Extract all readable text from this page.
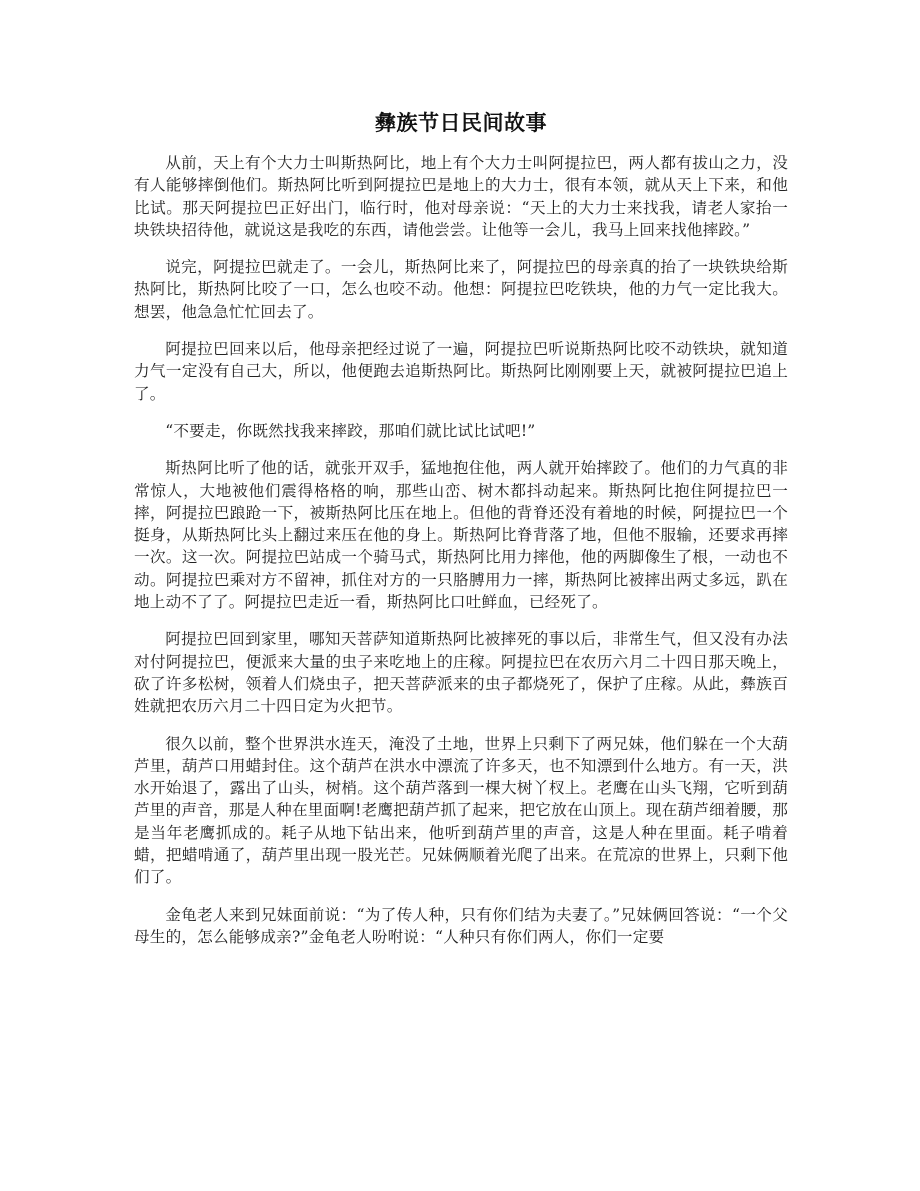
彝族节日民间故事

从前，天上有个大力士叫斯热阿比，地上有个大力士叫阿提拉巴，两人都有拔山之力，没有人能够摔倒他们。斯热阿比听到阿提拉巴是地上的大力士，很有本领，就从天上下来，和他比试。那天阿提拉巴正好出门，临行时，他对母亲说：“天上的大力士来找我，请老人家抬一块铁块招待他，就说这是我吃的东西，请他尝尝。让他等一会儿，我马上回来找他摔跤。”

说完，阿提拉巴就走了。一会儿，斯热阿比来了，阿提拉巴的母亲真的抬了一块铁块给斯热阿比，斯热阿比咬了一口，怎么也咬不动。他想：阿提拉巴吃铁块，他的力气一定比我大。想罢，他急急忙忙回去了。

阿提拉巴回来以后，他母亲把经过说了一遍，阿提拉巴听说斯热阿比咬不动铁块，就知道力气一定没有自己大，所以，他便跑去追斯热阿比。斯热阿比刚刚要上天，就被阿提拉巴追上了。

“不要走，你既然找我来摔跤，那咱们就比试比试吧!”

斯热阿比听了他的话，就张开双手，猛地抱住他，两人就开始摔跤了。他们的力气真的非常惊人，大地被他们震得格格的响，那些山峦、树木都抖动起来。斯热阿比抱住阿提拉巴一摔，阿提拉巴踉跄一下，被斯热阿比压在地上。但他的背脊还没有着地的时候，阿提拉巴一个挺身，从斯热阿比头上翻过来压在他的身上。斯热阿比脊背落了地，但他不服输，还要求再摔一次。这一次。阿提拉巴站成一个骑马式，斯热阿比用力摔他，他的两脚像生了根，一动也不动。阿提拉巴乘对方不留神，抓住对方的一只胳膊用力一摔，斯热阿比被摔出两丈多远，趴在地上动不了了。阿提拉巴走近一看，斯热阿比口吐鲜血，已经死了。

阿提拉巴回到家里，哪知天菩萨知道斯热阿比被摔死的事以后，非常生气，但又没有办法对付阿提拉巴，便派来大量的虫子来吃地上的庄稼。阿提拉巴在农历六月二十四日那天晚上，砍了许多松树，领着人们烧虫子，把天菩萨派来的虫子都烧死了，保护了庄稼。从此，彝族百姓就把农历六月二十四日定为火把节。

很久以前，整个世界洪水连天，淹没了土地，世界上只剩下了两兄妹，他们躲在一个大葫芦里，葫芦口用蜡封住。这个葫芦在洪水中漂流了许多天，也不知漂到什么地方。有一天，洪水开始退了，露出了山头，树梢。这个葫芦落到一棵大树丫杈上。老鹰在山头飞翔，它听到葫芦里的声音，那是人种在里面啊!老鹰把葫芦抓了起来，把它放在山顶上。现在葫芦细着腰，那是当年老鹰抓成的。耗子从地下钻出来，他听到葫芦里的声音，这是人种在里面。耗子啃着蜡，把蜡啃通了，葫芦里出现一股光芒。兄妹俩顺着光爬了出来。在荒凉的世界上，只剩下他们了。

金龟老人来到兄妹面前说：“为了传人种，只有你们结为夫妻了。”兄妹俩回答说：“一个父母生的，怎么能够成亲?”金龟老人吩咐说：“人种只有你们两人，你们一定要
